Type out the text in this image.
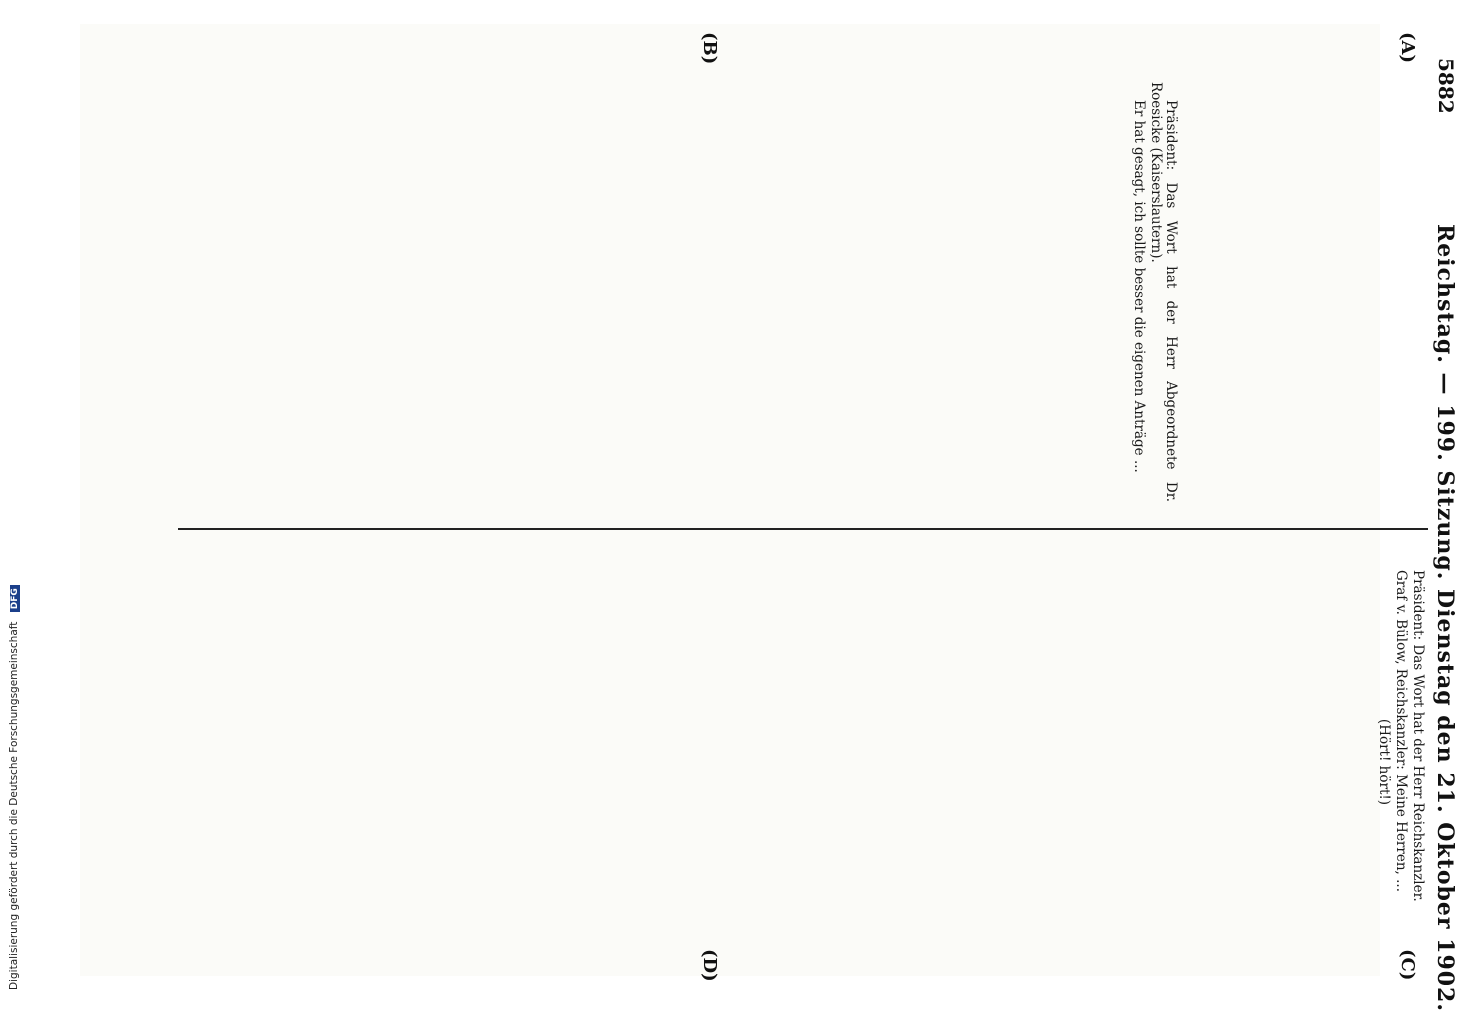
5882
Reichstag. — 199. Sitzung. Dienstag den 21. Oktober 1902.
(A)
(B)
(C)
(D)

Präsident: Das Wort hat der Herr Abgeordnete Dr. Roesicke (Kaiserslautern).

Er hat gesagt, ich sollte besser die eigenen Anträge ...

Präsident: Das Wort hat der Herr Reichskanzler.

Graf v. Bülow, Reichskanzler: Meine Herren, ...

(Hört! hört!)

Digitalisierung gefördert durch die Deutsche Forschungsgemeinschaft DFG
